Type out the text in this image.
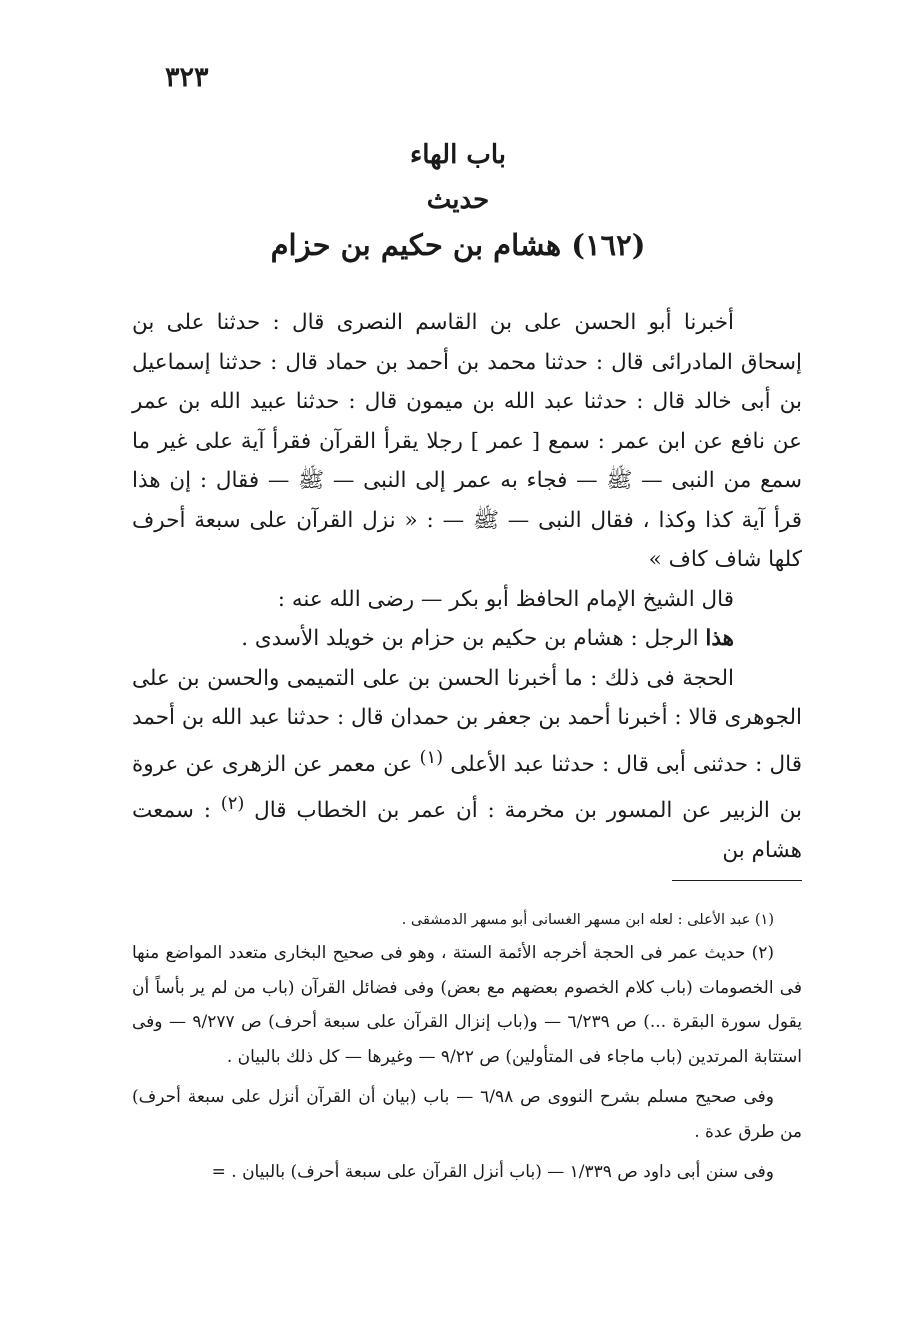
٣٢٣
باب الهاء
حديث
(١٦٢) هشام بن حكيم بن حزام

أخبرنا أبو الحسن على بن القاسم النصرى قال : حدثنا على بن إسحاق المادرائى قال : حدثنا محمد بن أحمد بن حماد قال : حدثنا إسماعيل بن أبى خالد قال : حدثنا عبد الله بن ميمون قال : حدثنا عبيد الله بن عمر عن نافع عن ابن عمر : سمع [ عمر ] رجلا يقرأ القرآن فقرأ آية على غير ما سمع من النبى — ﷺ — فجاء به عمر إلى النبى — ﷺ — فقال : إن هذا قرأ آية كذا وكذا ، فقال النبى — ﷺ — : « نزل القرآن على سبعة أحرف كلها شاف كاف »

قال الشيخ الإمام الحافظ أبو بكر — رضى الله عنه :

هذا الرجل : هشام بن حكيم بن حزام بن خويلد الأسدى .

الحجة فى ذلك : ما أخبرنا الحسن بن على التميمى والحسن بن على الجوهرى قالا : أخبرنا أحمد بن جعفر بن حمدان قال : حدثنا عبد الله بن أحمد قال : حدثنى أبى قال : حدثنا عبد الأعلى $^{(١)}$ عن معمر عن الزهرى عن عروة بن الزبير عن المسور بن مخرمة : أن عمر بن الخطاب قال $^{(٢)}$ : سمعت هشام بن

(١) عبد الأعلى : لعله ابن مسهر الغسانى أبو مسهر الدمشقى .

(٢) حديث عمر فى الحجة أخرجه الأئمة الستة ، وهو فى صحيح البخارى متعدد المواضع منها فى الخصومات (باب كلام الخصوم بعضهم مع بعض) وفى فضائل القرآن (باب من لم ير بأساً أن يقول سورة البقرة ...) ص ٦/٢٣٩ — و(باب إنزال القرآن على سبعة أحرف) ص ٩/٢٧٧ — وفى استتابة المرتدين (باب ماجاء فى المتأولين) ص ٩/٢٢ — وغيرها — كل ذلك بالبيان .

وفى صحيح مسلم بشرح النووى ص ٦/٩٨ — باب (بيان أن القرآن أنزل على سبعة أحرف) من طرق عدة .

وفى سنن أبى داود ص ١/٣٣٩ — (باب أنزل القرآن على سبعة أحرف) بالبيان . =
